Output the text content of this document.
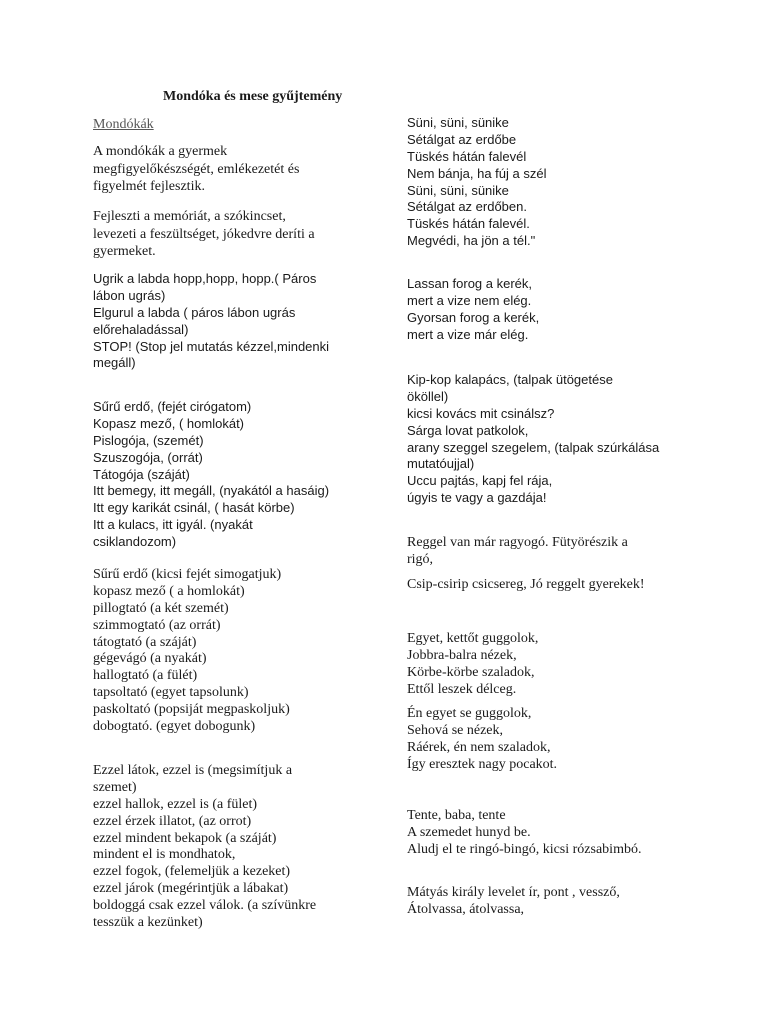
Mondóka és mese gyűjtemény
Mondókák
A mondókák a gyermek
megfigyelőkészségét, emlékezetét és
figyelmét fejlesztik.
Fejleszti a memóriát, a szókincset,
levezeti a feszültséget, jókedvre deríti a
gyermeket.
Ugrik a labda hopp,hopp, hopp.( Páros
lábon ugrás)
Elgurul a labda ( páros lábon ugrás
előrehaladással)
STOP! (Stop jel mutatás kézzel,mindenki
megáll)
Sűrű erdő, (fejét cirógatom)
Kopasz mező, ( homlokát)
Pislogója, (szemét)
Szuszogója, (orrát)
Tátogója (száját)
Itt bemegy, itt megáll, (nyakától a hasáig)
Itt egy karikát csinál, ( hasát körbe)
Itt a kulacs, itt igyál. (nyakát
csiklandozom)
Sűrű erdő (kicsi fejét simogatjuk)
kopasz mező ( a homlokát)
pillogtató (a két szemét)
szimmogtató (az orrát)
tátogtató (a száját)
gégevágó (a nyakát)
hallogtató (a fülét)
tapsoltató (egyet tapsolunk)
paskoltató (popsiját megpaskoljuk)
dobogtató. (egyet dobogunk)
Ezzel látok, ezzel is (megsimítjuk a
szemet)
ezzel hallok, ezzel is (a fület)
ezzel érzek illatot, (az orrot)
ezzel mindent bekapok (a száját)
mindent el is mondhatok,
ezzel fogok, (felemeljük a kezeket)
ezzel járok (megérintjük a lábakat)
boldoggá csak ezzel válok. (a szívünkre
tesszük a kezünket)
Süni, süni, sünike
Sétálgat az erdőbe
Tüskés hátán falevél
Nem bánja, ha fúj a szél
Süni, süni, sünike
Sétálgat az erdőben.
Tüskés hátán falevél.
Megvédi, ha jön a tél."
Lassan forog a kerék,
mert a vize nem elég.
Gyorsan forog a kerék,
mert a vize már elég.
Kip-kop kalapács, (talpak ütögetése
ököllel)
kicsi kovács mit csinálsz?
Sárga lovat patkolok,
arany szeggel szegelem, (talpak szúrkálása
mutatóujjal)
Uccu pajtás, kapj fel rája,
úgyis te vagy a gazdája!
Reggel van már ragyogó. Fütyörészik a
rigó,
Csip-csirip csicsereg, Jó reggelt gyerekek!
Egyet, kettőt guggolok,
Jobbra-balra nézek,
Körbe-körbe szaladok,
Ettől leszek délceg.
Én egyet se guggolok,
Sehová se nézek,
Ráérek, én nem szaladok,
Így eresztek nagy pocakot.
Tente, baba, tente
A szemedet hunyd be.
Aludj el te ringó-bingó, kicsi rózsabimbó.
Mátyás király levelet ír, pont , vessző,
Átolvassa, átolvassa,
